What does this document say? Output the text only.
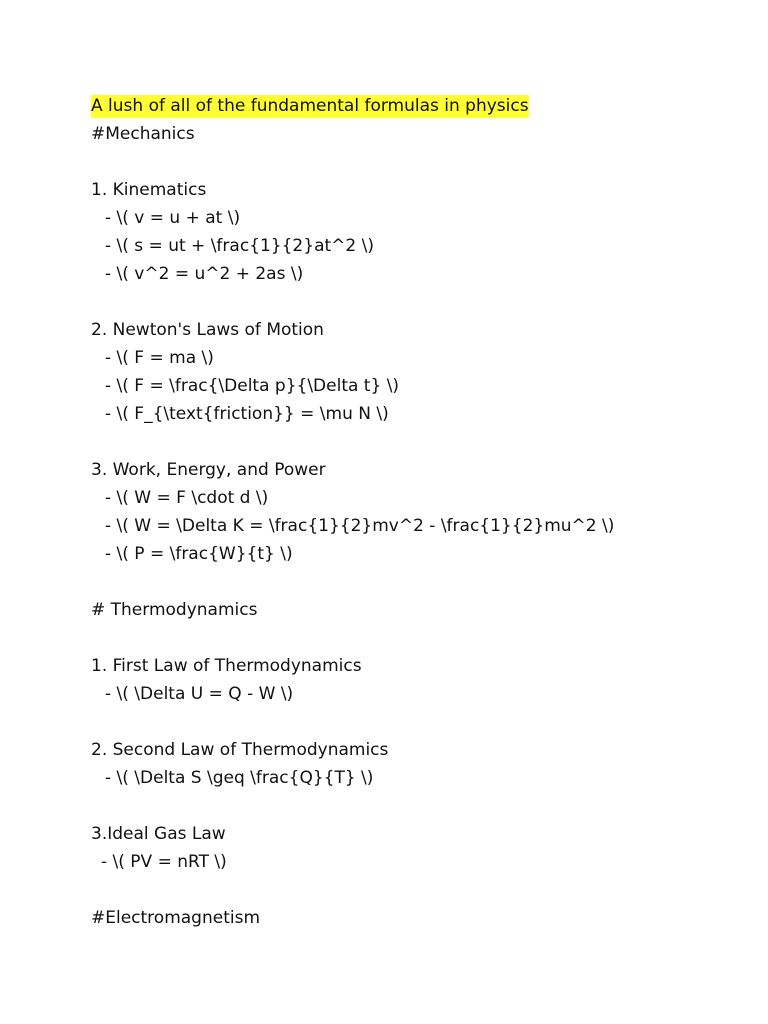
A lush of all of the fundamental formulas in physics
#Mechanics
1. Kinematics
- \( v = u + at \)
- \( s = ut + \frac{1}{2}at^2 \)
- \( v^2 = u^2 + 2as \)
2. Newton's Laws of Motion
- \( F = ma \)
- \( F = \frac{\Delta p}{\Delta t} \)
- \( F_{\text{friction}} = \mu N \)
3. Work, Energy, and Power
- \( W = F \cdot d \)
- \( W = \Delta K = \frac{1}{2}mv^2 - \frac{1}{2}mu^2 \)
- \( P = \frac{W}{t} \)
# Thermodynamics
1. First Law of Thermodynamics
- \( \Delta U = Q - W \)
2. Second Law of Thermodynamics
- \( \Delta S \geq \frac{Q}{T} \)
3.Ideal Gas Law
- \( PV = nRT \)
#Electromagnetism
